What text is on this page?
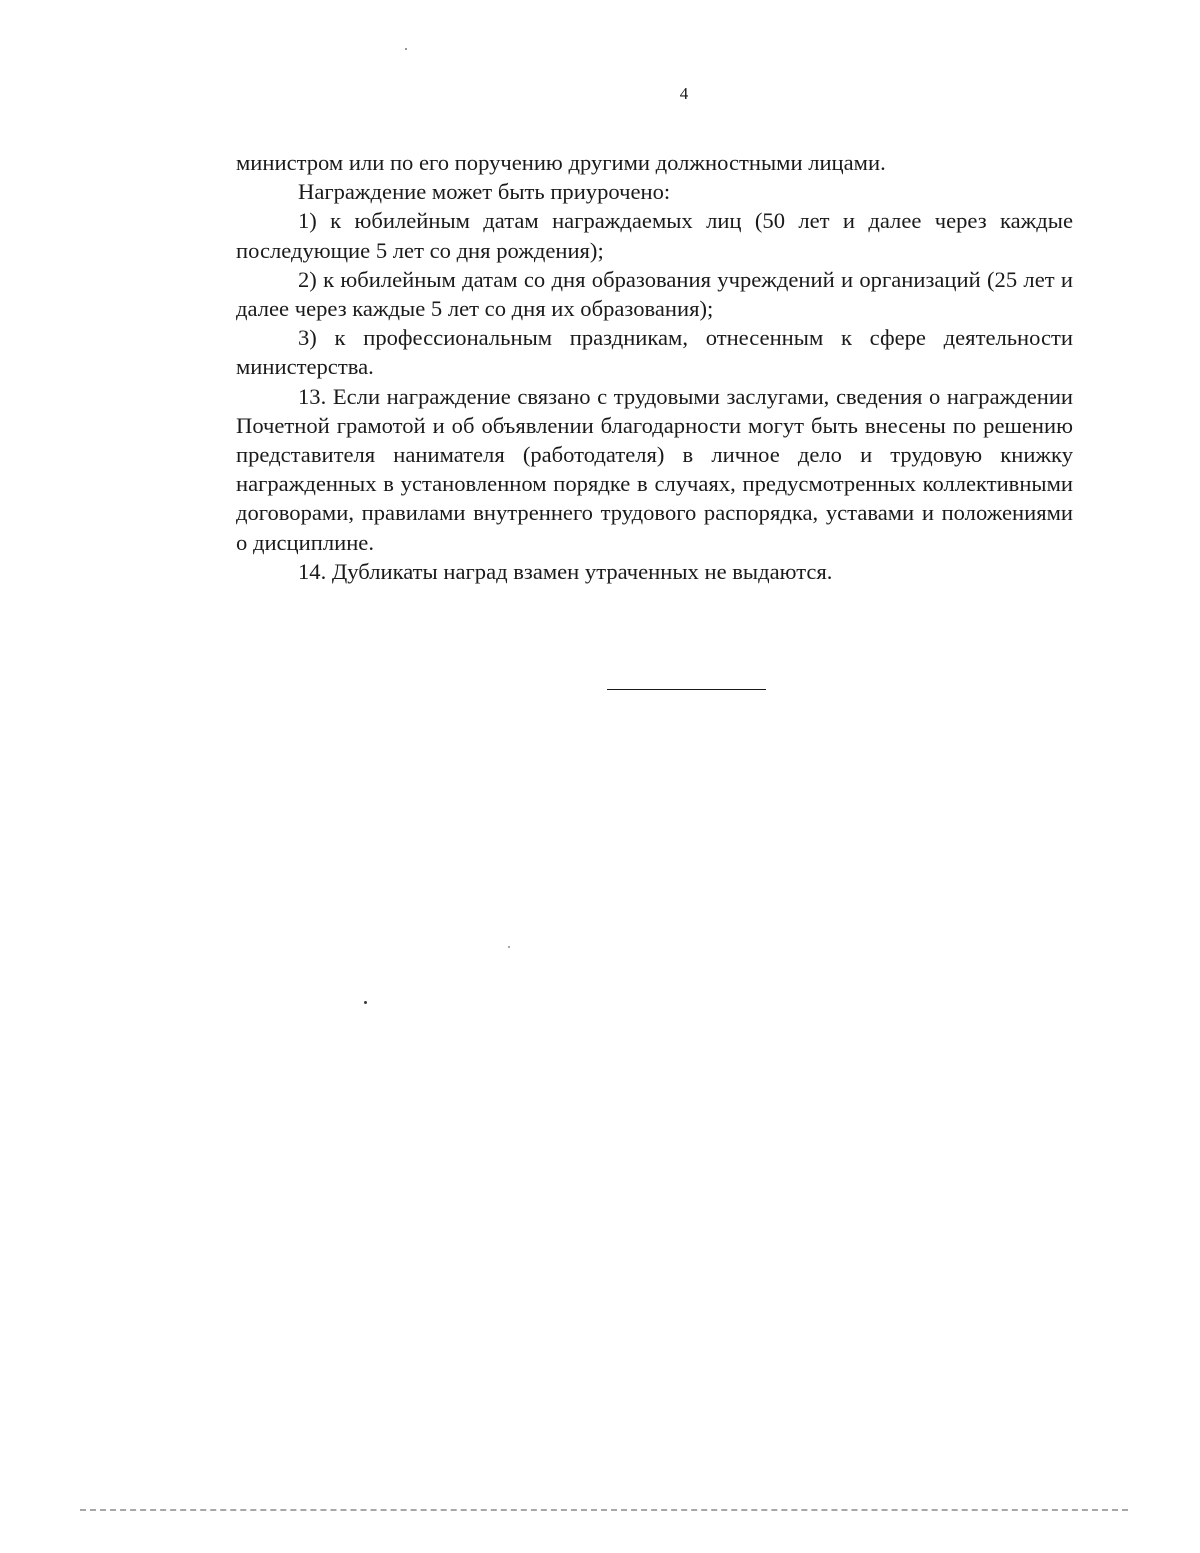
4

министром или по его поручению другими должностными лицами.

Награждение может быть приурочено:

1) к юбилейным датам награждаемых лиц (50 лет и далее через каждые последующие 5 лет со дня рождения);

2) к юбилейным датам со дня образования учреждений и организаций (25 лет и далее через каждые 5 лет со дня их образования);

3) к профессиональным праздникам, отнесенным к сфере деятельности министерства.

13. Если награждение связано с трудовыми заслугами, сведения о награждении Почетной грамотой и об объявлении благодарности могут быть внесены по решению представителя нанимателя (работодателя) в личное дело и трудовую книжку награжденных в установленном порядке в случаях, предусмотренных коллективными договорами, правилами внутреннего трудового распорядка, уставами и положениями о дисциплине.

14. Дубликаты наград взамен утраченных не выдаются.
